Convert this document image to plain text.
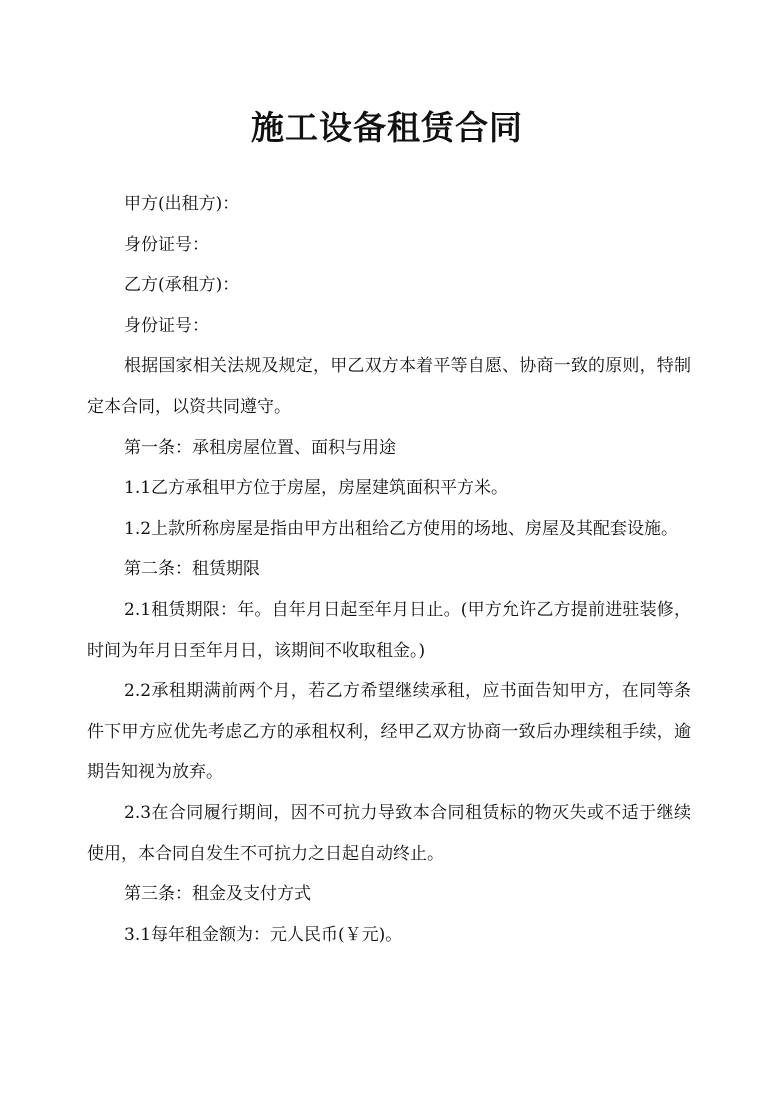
施工设备租赁合同

甲方(出租方)：

身份证号：

乙方(承租方)：

身份证号：

根据国家相关法规及规定，甲乙双方本着平等自愿、协商一致的原则，特制定本合同，以资共同遵守。

第一条：承租房屋位置、面积与用途

1.1乙方承租甲方位于房屋，房屋建筑面积平方米。

1.2上款所称房屋是指由甲方出租给乙方使用的场地、房屋及其配套设施。

第二条：租赁期限

2.1租赁期限：年。自年月日起至年月日止。(甲方允许乙方提前进驻装修，时间为年月日至年月日，该期间不收取租金。)

2.2承租期满前两个月，若乙方希望继续承租，应书面告知甲方，在同等条件下甲方应优先考虑乙方的承租权利，经甲乙双方协商一致后办理续租手续，逾期告知视为放弃。

2.3在合同履行期间，因不可抗力导致本合同租赁标的物灭失或不适于继续使用，本合同自发生不可抗力之日起自动终止。

第三条：租金及支付方式

3.1每年租金额为：元人民币(￥元)。
